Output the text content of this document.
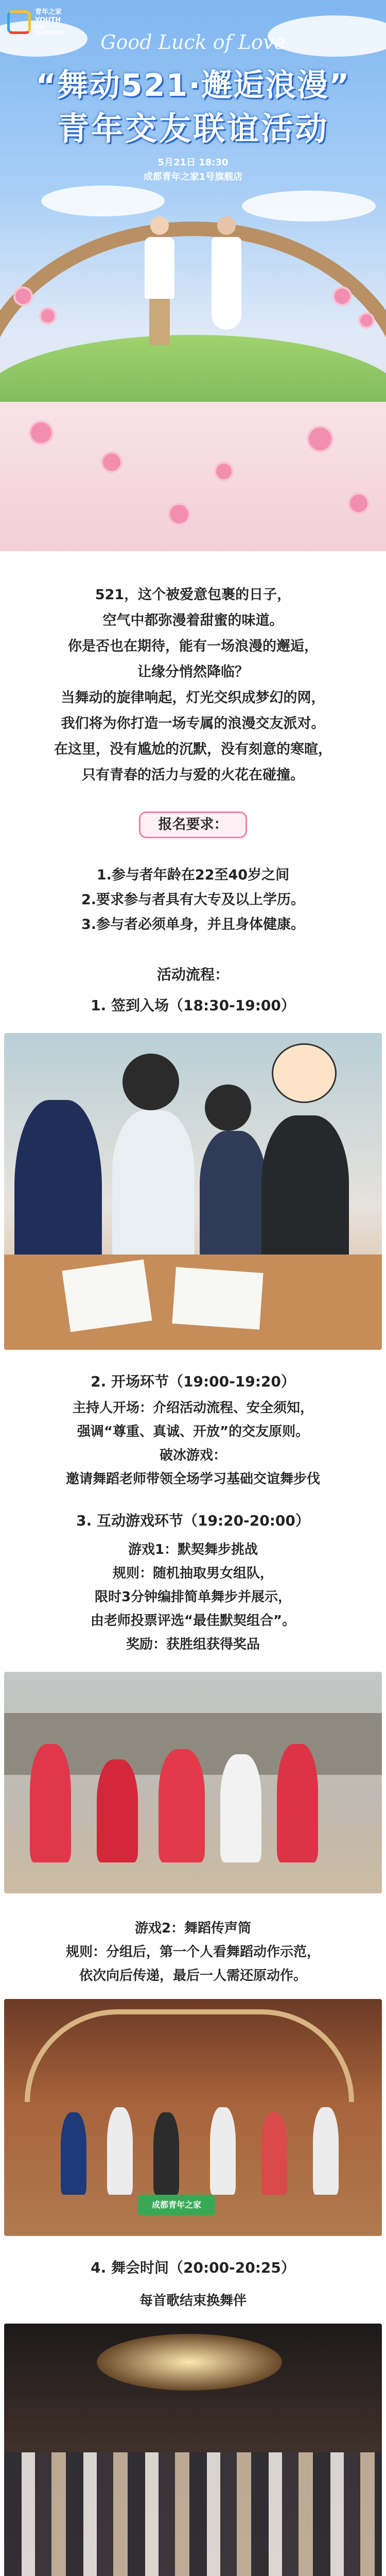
青年之家
YOUTH
ON
CHENGDU	Good Luck of Love
“舞动521·邂逅浪漫”
青年交友联谊活动
5月21日 18:30
成都青年之家1号旗舰店

521，这个被爱意包裹的日子，

空气中都弥漫着甜蜜的味道。

你是否也在期待，能有一场浪漫的邂逅，

让缘分悄然降临？

当舞动的旋律响起，灯光交织成梦幻的网，

我们将为你打造一场专属的浪漫交友派对。

在这里，没有尴尬的沉默，没有刻意的寒暄，

只有青春的活力与爱的火花在碰撞。

报名要求：

1.参与者年龄在22至40岁之间

2.要求参与者具有大专及以上学历。

3.参与者必须单身，并且身体健康。

活动流程：
1. 签到入场（18:30-19:00）
2. 开场环节（19:00-19:20）

主持人开场：介绍活动流程、安全须知，

强调“尊重、真诚、开放”的交友原则。

破冰游戏：

邀请舞蹈老师带领全场学习基础交谊舞步伐

3. 互动游戏环节（19:20-20:00）

游戏1：默契舞步挑战

规则：随机抽取男女组队，

限时3分钟编排简单舞步并展示，

由老师投票评选“最佳默契组合”。

奖励：获胜组获得奖品

游戏2：舞蹈传声筒

规则：分组后，第一个人看舞蹈动作示范，

依次向后传递，最后一人需还原动作。

成都青年之家
4. 舞会时间（20:00-20:25）
每首歌结束换舞伴
